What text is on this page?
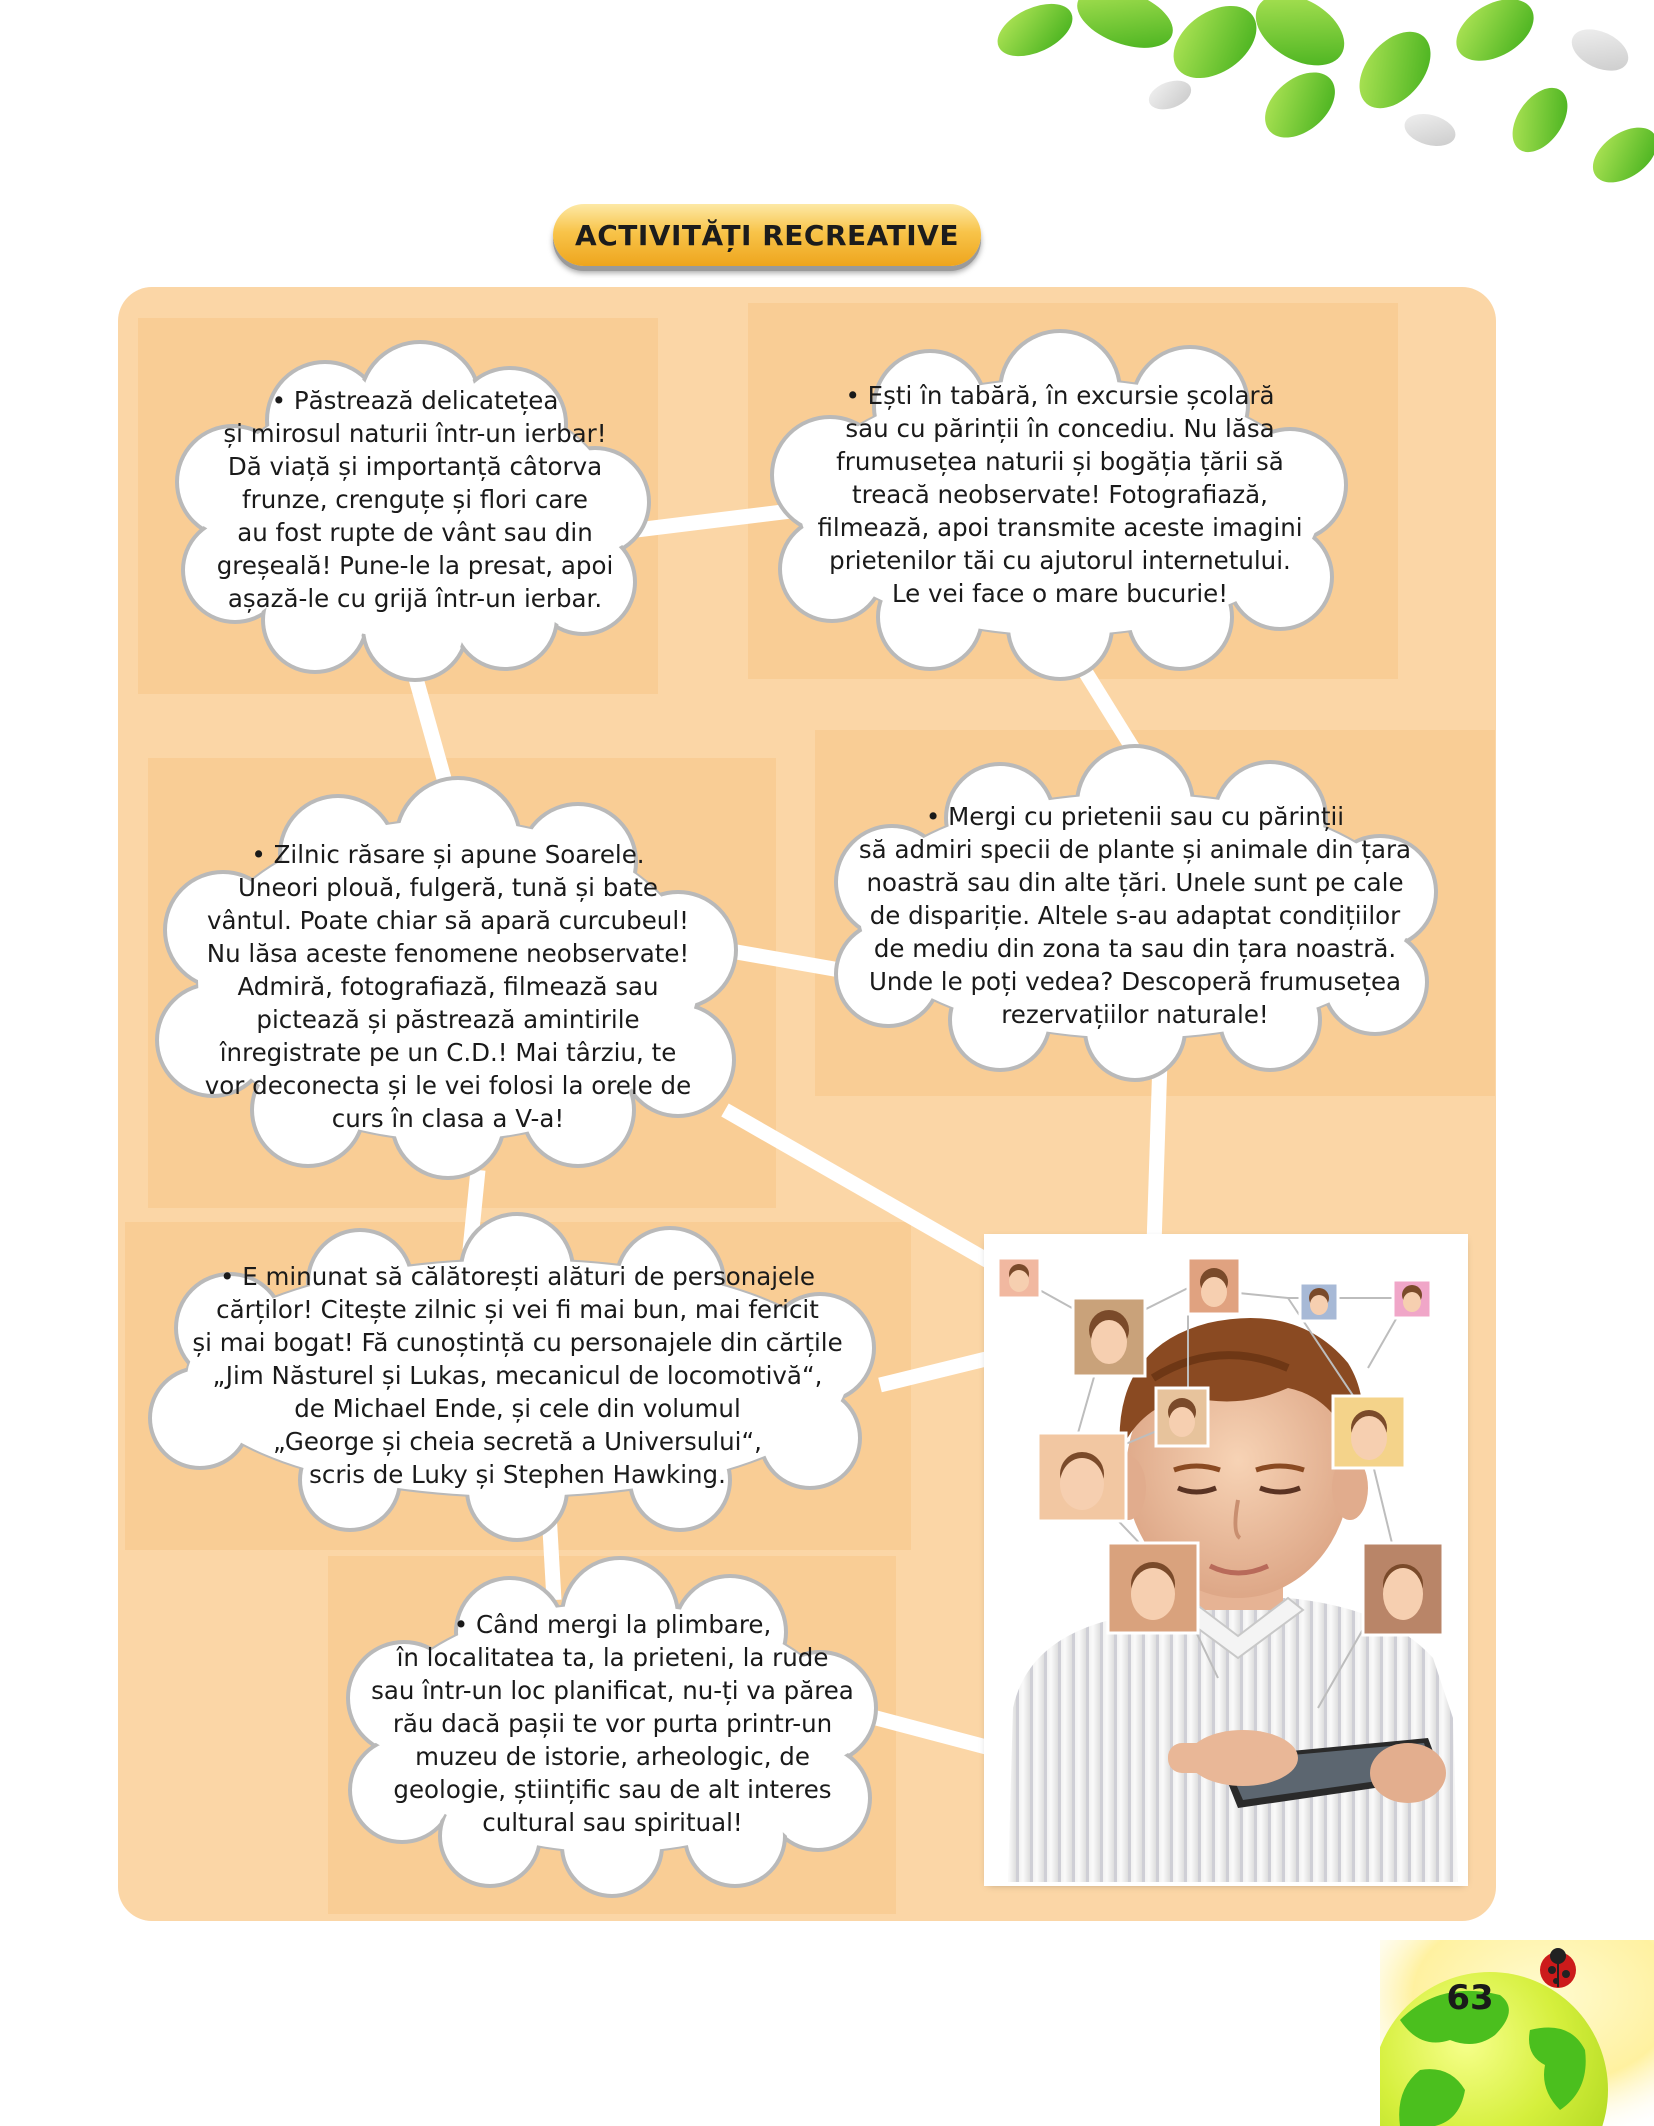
ACTIVITĂȚI RECREATIVE
• Păstrează delicatețea
și mirosul naturii într-un ierbar!
Dă viață și importanță câtorva
frunze, crenguțe și flori care
au fost rupte de vânt sau din
greșeală! Pune-le la presat, apoi
așază-le cu grijă într-un ierbar.
• Ești în tabără, în excursie școlară
sau cu părinții în concediu. Nu lăsa
frumusețea naturii și bogăția țării să
treacă neobservate! Fotografiază,
filmează, apoi transmite aceste imagini
prietenilor tăi cu ajutorul internetului.
Le vei face o mare bucurie!
• Zilnic răsare și apune Soarele.
Uneori plouă, fulgeră, tună și bate
vântul. Poate chiar să apară curcubeul!
Nu lăsa aceste fenomene neobservate!
Admiră, fotografiază, filmează sau
pictează și păstrează amintirile
înregistrate pe un C.D.! Mai târziu, te
vor deconecta și le vei folosi la orele de
curs în clasa a V-a!
• Mergi cu prietenii sau cu părinții
să admiri specii de plante și animale din țara
noastră sau din alte țări. Unele sunt pe cale
de dispariție. Altele s-au adaptat condițiilor
de mediu din zona ta sau din țara noastră.
Unde le poți vedea? Descoperă frumusețea
rezervațiilor naturale!
• E minunat să călătorești alături de personajele
cărților! Citește zilnic și vei fi mai bun, mai fericit
și mai bogat! Fă cunoștință cu personajele din cărțile
„Jim Năsturel și Lukas, mecanicul de locomotivă“,
de Michael Ende, și cele din volumul
„George și cheia secretă a Universului“,
scris de Luky și Stephen Hawking.
• Când mergi la plimbare,
în localitatea ta, la prieteni, la rude
sau într-un loc planificat, nu-ți va părea
rău dacă pașii te vor purta printr-un
muzeu de istorie, arheologic, de
geologie, științific sau de alt interes
cultural sau spiritual!
63
